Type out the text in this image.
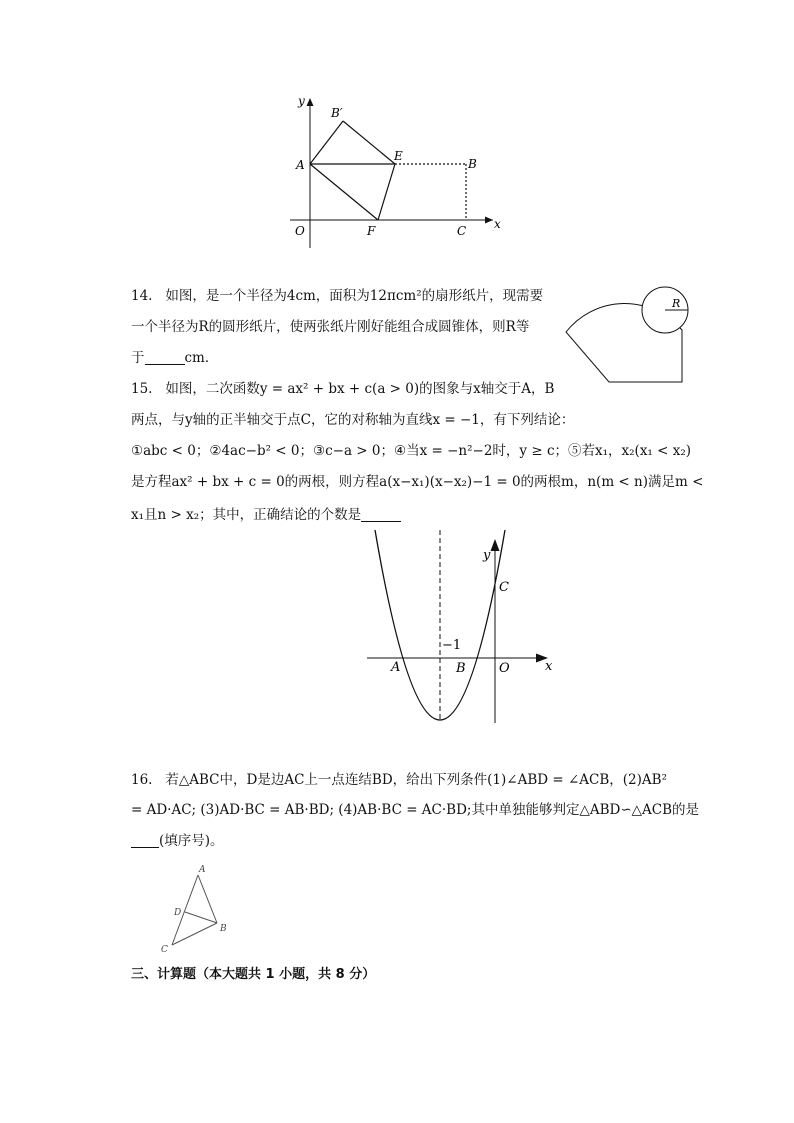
y
x
O
A
B′
E
B
F	C
14. 如图，是一个半径为4cm，面积为12πcm²的扇形纸片，现需要
一个半径为R的圆形纸片，使两张纸片刚好能组合成圆锥体，则R等
于	cm．
R
15. 如图，二次函数y = ax² + bx + c(a > 0)的图象与x轴交于A，B
两点，与y轴的正半轴交于点C，它的对称轴为直线x = −1，有下列结论：
①abc < 0；②4ac−b² < 0；③c−a > 0；④当x = −n²−2时，y ≥ c；⑤若x₁，x₂(x₁ < x₂)
是方程ax² + bx + c = 0的两根，则方程a(x−x₁)(x−x₂)−1 = 0的两根m，n(m < n)满足m <
x₁且n > x₂；其中，正确结论的个数是
y
x
C
A	B	O
−1
16. 若△ABC中，D是边AC上一点连结BD，给出下列条件(1)∠ABD = ∠ACB，(2)AB²
= AD·AC; (3)AD·BC = AB·BD; (4)AB·BC = AC·BD;其中单独能够判定△ABD∽△ACB的是
(填序号)。
A
D
B
C
三、计算题（本大题共 1 小题，共 8 分）
